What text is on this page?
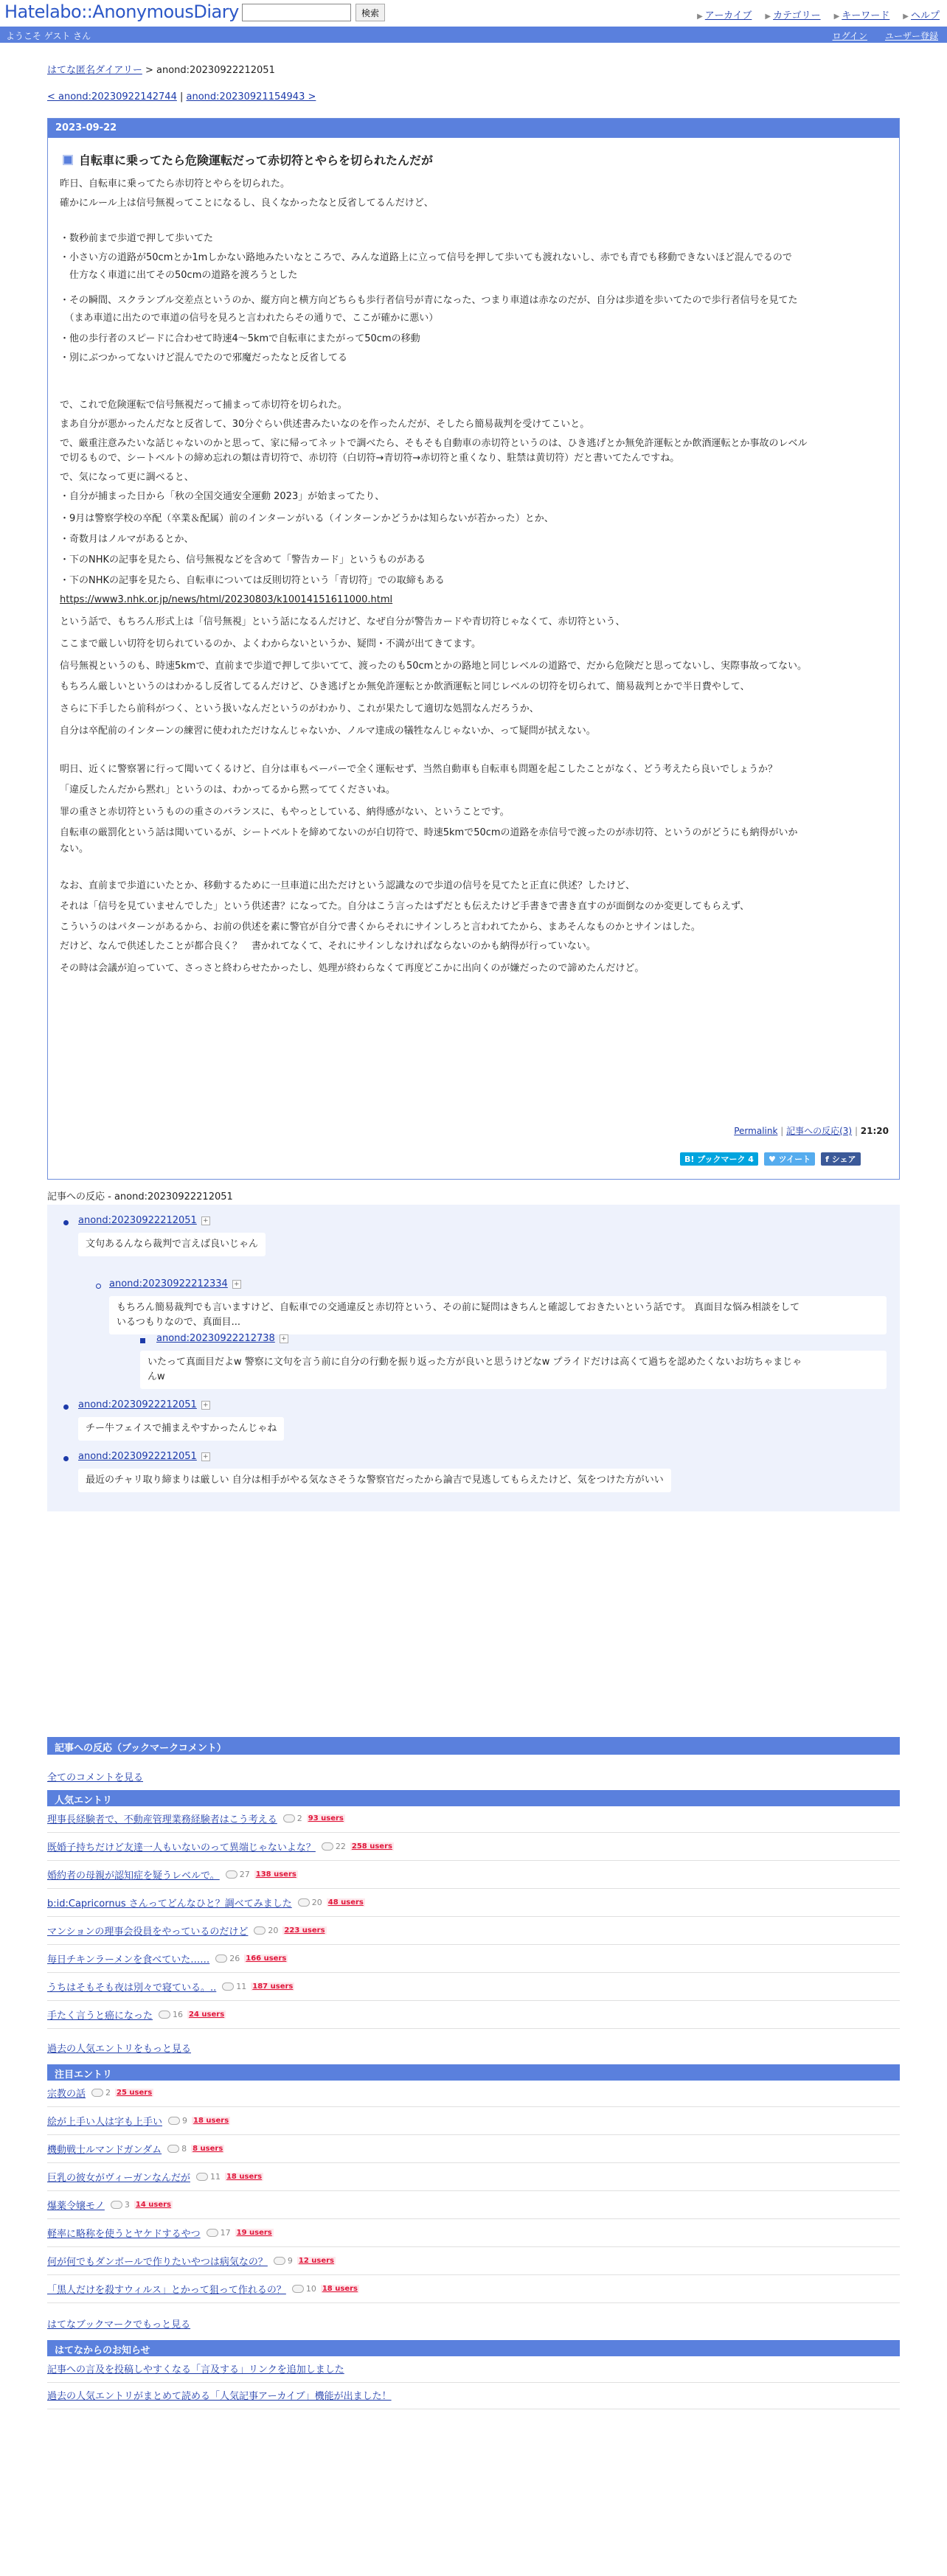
Hatelabo::AnonymousDiary	検索	▶ アーカイブ ▶ カテゴリー ▶ キーワード ▶ ヘルプ
ようこそ ゲスト さん	ログイン ユーザー登録
はてな匿名ダイアリー > anond:20230922212051
< anond:20230922142744 | anond:20230921154943 >
2023-09-22
自転車に乗ってたら危険運転だって赤切符とやらを切られたんだが
昨日、自転車に乗ってたら赤切符とやらを切られた。
確かにルール上は信号無視ってことになるし、良くなかったなと反省してるんだけど、
・数秒前まで歩道で押して歩いてた
・小さい方の道路が50cmとか1mしかない路地みたいなところで、みんな道路上に立って信号を押して歩いても渡れないし、赤でも青でも移動できないほど混んでるので
　仕方なく車道に出てその50cmの道路を渡ろうとした
・その瞬間、スクランブル交差点というのか、縦方向と横方向どちらも歩行者信号が青になった、つまり車道は赤なのだが、自分は歩道を歩いてたので歩行者信号を見てた
　（まあ車道に出たので車道の信号を見ろと言われたらその通りで、ここが確かに悪い）
・他の歩行者のスピードに合わせて時速4～5kmで自転車にまたがって50cmの移動
・別にぶつかってないけど混んでたので邪魔だったなと反省してる
で、これで危険運転で信号無視だって捕まって赤切符を切られた。
まあ自分が悪かったんだなと反省して、30分ぐらい供述書みたいなのを作ったんだが、そしたら簡易裁判を受けてこいと。
で、厳重注意みたいな話じゃないのかと思って、家に帰ってネットで調べたら、そもそも自動車の赤切符というのは、ひき逃げとか無免許運転とか飲酒運転とか事故のレベル
で切るもので、シートベルトの締め忘れの類は青切符で、赤切符（白切符→青切符→赤切符と重くなり、駐禁は黄切符）だと書いてたんですね。
で、気になって更に調べると、
・自分が捕まった日から「秋の全国交通安全運動 2023」が始まってたり、
・9月は警察学校の卒配（卒業＆配属）前のインターンがいる（インターンかどうかは知らないが若かった）とか、
・奇数月はノルマがあるとか、
・下のNHKの記事を見たら、信号無視などを含めて「警告カード」というものがある
・下のNHKの記事を見たら、自転車については反則切符という「青切符」での取締もある
https://www3.nhk.or.jp/news/html/20230803/k10014151611000.html
という話で、もちろん形式上は「信号無視」という話になるんだけど、なぜ自分が警告カードや青切符じゃなくて、赤切符という、
ここまで厳しい切符を切られているのか、よくわからないというか、疑問・不満が出てきてます。
信号無視というのも、時速5kmで、直前まで歩道で押して歩いてて、渡ったのも50cmとかの路地と同じレベルの道路で、だから危険だと思ってないし、実際事故ってない。
もちろん厳しいというのはわかるし反省してるんだけど、ひき逃げとか無免許運転とか飲酒運転と同じレベルの切符を切られて、簡易裁判とかで半日費やして、
さらに下手したら前科がつく、という扱いなんだというのがわかり、これが果たして適切な処罰なんだろうか、
自分は卒配前のインターンの練習に使われただけなんじゃないか、ノルマ達成の犠牲なんじゃないか、って疑問が拭えない。
明日、近くに警察署に行って聞いてくるけど、自分は車もペーパーで全く運転せず、当然自動車も自転車も問題を起こしたことがなく、どう考えたら良いでしょうか？
「違反したんだから黙れ」というのは、わかってるから黙っててくださいね。
罪の重さと赤切符というものの重さのバランスに、もやっとしている、納得感がない、ということです。
自転車の厳罰化という話は聞いているが、シートベルトを締めてないのが白切符で、時速5kmで50cmの道路を赤信号で渡ったのが赤切符、というのがどうにも納得がいか
ない。
なお、直前まで歩道にいたとか、移動するために一旦車道に出ただけという認識なので歩道の信号を見てたと正直に供述？したけど、
それは「信号を見ていませんでした」という供述書？になってた。自分はこう言ったはずだとも伝えたけど手書きで書き直すのが面倒なのか変更してもらえず、
こういうのはパターンがあるから、お前の供述を素に警官が自分で書くからそれにサインしろと言われてたから、まあそんなものかとサインはした。
だけど、なんで供述したことが都合良く？　書かれてなくて、それにサインしなければならないのかも納得が行っていない。
その時は会議が迫っていて、さっさと終わらせたかったし、処理が終わらなくて再度どこかに出向くのが嫌だったので諦めたんだけど。
Permalink | 記事への反応(3) | 21:20
B! ブックマーク 4	♥ ツイート f シェア
記事への反応 - anond:20230922212051
anond:20230922212051 +
文句あるんなら裁判で言えば良いじゃん
anond:20230922212334 +
もちろん簡易裁判でも言いますけど、自転車での交通違反と赤切符という、その前に疑問はきちんと確認しておきたいという話です。 真面目な悩み相談をして
いるつもりなので、真面目...
anond:20230922212738 +
いたって真面目だよw 警察に文句を言う前に自分の行動を振り返った方が良いと思うけどなw プライドだけは高くて過ちを認めたくないお坊ちゃまじゃ
んw
anond:20230922212051 +
チー牛フェイスで捕まえやすかったんじゃね
anond:20230922212051 +
最近のチャリ取り締まりは厳しい 自分は相手がやる気なさそうな警察官だったから論吉で見逃してもらえたけど、気をつけた方がいい
記事への反応（ブックマークコメント）
全てのコメントを見る
人気エントリ
理事長経験者で、不動産管理業務経験者はこう考える 2 93 users
既婚子持ちだけど友達一人もいないのって異端じゃないよな？ 22 258 users
婚約者の母親が認知症を疑うレベルで。 27 138 users
b:id:Capricornus さんってどんなひと？調べてみました 20 48 users
マンションの理事会役員をやっているのだけど 20 223 users
毎日チキンラーメンを食べていた…… 26 166 users
うちはそもそも夜は別々で寝ている。.. 11 187 users
手たく言うと癌になった 16 24 users
過去の人気エントリをもっと見る
注目エントリ
宗教の話 2 25 users
絵が上手い人は字も上手い 9 18 users
機動戦士ルマンドガンダム 8 8 users
巨乳の彼女がヴィーガンなんだが 11 18 users
爆薬令嬢モノ 3 14 users
軽率に略称を使うとヤケドするやつ 17 19 users
何が何でもダンボールで作りたいやつは病気なの？ 9 12 users
「黒人だけを殺すウィルス」とかって狙って作れるの？ 10 18 users
はてなブックマークでもっと見る
はてなからのお知らせ
記事への言及を投稿しやすくなる「言及する」リンクを追加しました
過去の人気エントリがまとめて読める「人気記事アーカイブ」機能が出ました！
